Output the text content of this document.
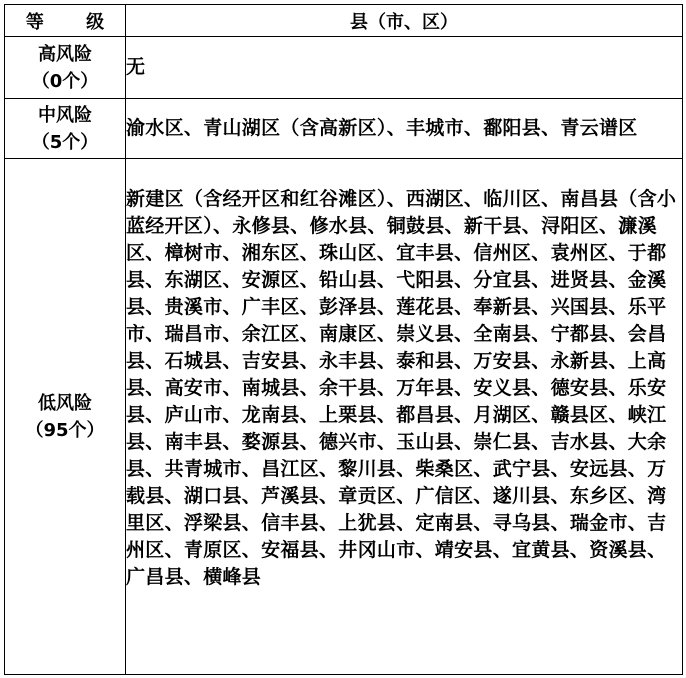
等 级	县（市、区）

高风险
（0个）	无

中风险
（5个）	渝水区、青山湖区（含高新区）、丰城市、鄱阳县、青云谱区

低风险
（95个）	新建区（含经开区和红谷滩区）、西湖区、临川区、南昌县（含小蓝经开区）、永修县、修水县、铜鼓县、新干县、浔阳区、濂溪区、樟树市、湘东区、珠山区、宜丰县、信州区、袁州区、于都县、东湖区、安源区、铅山县、弋阳县、分宜县、进贤县、金溪县、贵溪市、广丰区、彭泽县、莲花县、奉新县、兴国县、乐平市、瑞昌市、余江区、南康区、崇义县、全南县、宁都县、会昌县、石城县、吉安县、永丰县、泰和县、万安县、永新县、上高县、高安市、南城县、余干县、万年县、安义县、德安县、乐安县、庐山市、龙南县、上栗县、都昌县、月湖区、赣县区、峡江县、南丰县、婺源县、德兴市、玉山县、崇仁县、吉水县、大余县、共青城市、昌江区、黎川县、柴桑区、武宁县、安远县、万载县、湖口县、芦溪县、章贡区、广信区、遂川县、东乡区、湾里区、浮梁县、信丰县、上犹县、定南县、寻乌县、瑞金市、吉州区、青原区、安福县、井冈山市、靖安县、宜黄县、资溪县、广昌县、横峰县
